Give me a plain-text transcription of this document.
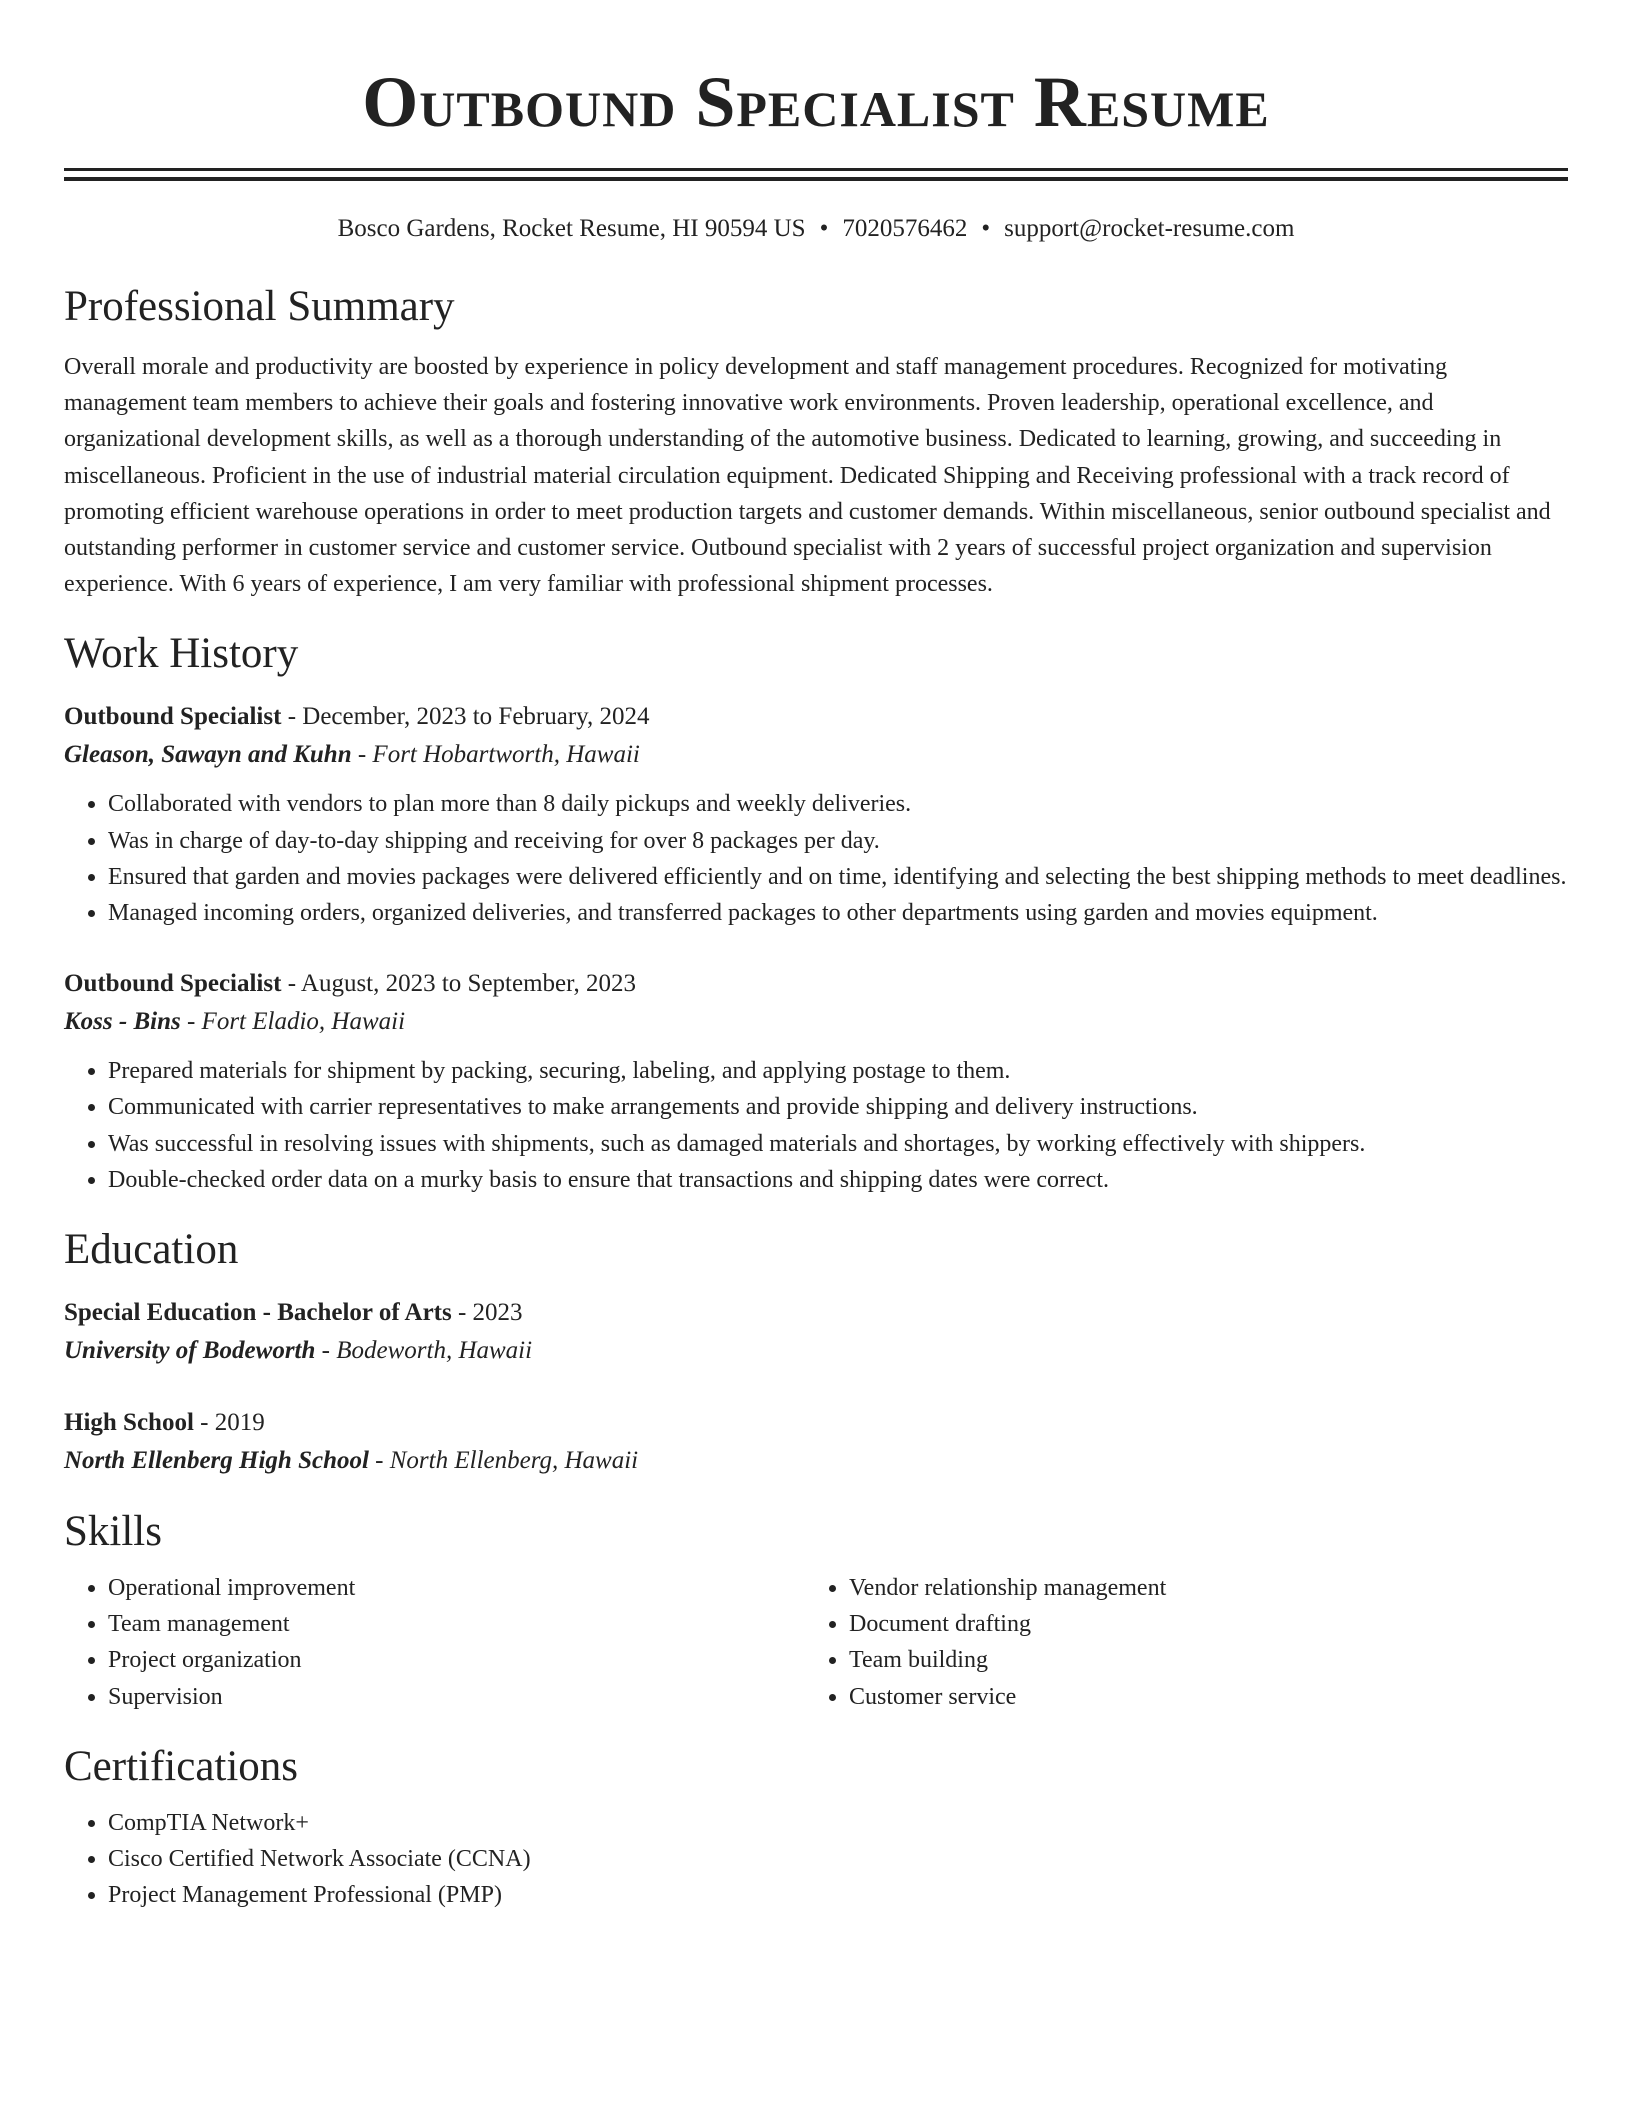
Outbound Specialist Resume
Bosco Gardens, Rocket Resume, HI 90594 US • 7020576462 • support@rocket-resume.com
Professional Summary

Overall morale and productivity are boosted by experience in policy development and staff management procedures. Recognized for motivating management team members to achieve their goals and fostering innovative work environments. Proven leadership, operational excellence, and organizational development skills, as well as a thorough understanding of the automotive business. Dedicated to learning, growing, and succeeding in miscellaneous. Proficient in the use of industrial material circulation equipment. Dedicated Shipping and Receiving professional with a track record of promoting efficient warehouse operations in order to meet production targets and customer demands. Within miscellaneous, senior outbound specialist and outstanding performer in customer service and customer service. Outbound specialist with 2 years of successful project organization and supervision experience. With 6 years of experience, I am very familiar with professional shipment processes.

Work History
Outbound Specialist - December, 2023 to February, 2024
Gleason, Sawayn and Kuhn - Fort Hobartworth, Hawaii
• Collaborated with vendors to plan more than 8 daily pickups and weekly deliveries.
• Was in charge of day-to-day shipping and receiving for over 8 packages per day.
• Ensured that garden and movies packages were delivered efficiently and on time, identifying and selecting the best shipping methods to meet deadlines.
• Managed incoming orders, organized deliveries, and transferred packages to other departments using garden and movies equipment.
Outbound Specialist - August, 2023 to September, 2023
Koss - Bins - Fort Eladio, Hawaii
• Prepared materials for shipment by packing, securing, labeling, and applying postage to them.
• Communicated with carrier representatives to make arrangements and provide shipping and delivery instructions.
• Was successful in resolving issues with shipments, such as damaged materials and shortages, by working effectively with shippers.
• Double-checked order data on a murky basis to ensure that transactions and shipping dates were correct.
Education
Special Education - Bachelor of Arts - 2023
University of Bodeworth - Bodeworth, Hawaii
High School - 2019
North Ellenberg High School - North Ellenberg, Hawaii
Skills
• Operational improvement
• Team management
• Project organization
• Supervision
• Vendor relationship management
• Document drafting
• Team building
• Customer service
Certifications
• CompTIA Network+
• Cisco Certified Network Associate (CCNA)
• Project Management Professional (PMP)
